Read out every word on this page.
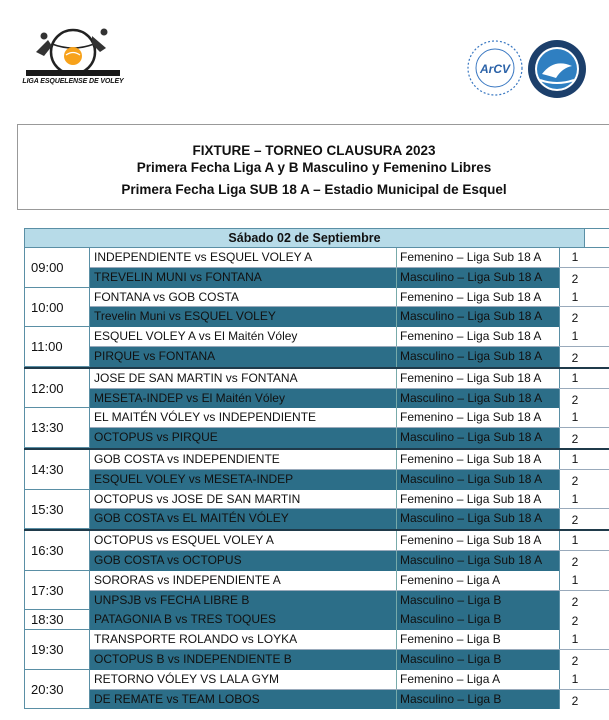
LIGA ESQUELENSE DE VOLEY
ArCV
FIXTURE – TORNEO CLAUSURA 2023
Primera Fecha Liga A y B Masculino y Femenino Libres
Primera Fecha Liga SUB 18 A – Estadio Municipal de Esquel
Sábado 02 de Septiembre
09:00
INDEPENDIENTE vs ESQUEL VOLEY A	Femenino – Liga Sub 18 A	1
TREVELIN MUNI vs FONTANA	Masculino – Liga Sub 18 A	2
10:00
FONTANA vs GOB COSTA	Femenino – Liga Sub 18 A	1
Trevelin Muni vs ESQUEL VOLEY	Masculino – Liga Sub 18 A	2
11:00
ESQUEL VOLEY A vs El Maitén Vóley	Femenino – Liga Sub 18 A	1
PIRQUE vs FONTANA	Masculino – Liga Sub 18 A	2
12:00
JOSE DE SAN MARTIN vs FONTANA	Femenino – Liga Sub 18 A	1
MESETA-INDEP vs El Maitén Vóley	Masculino – Liga Sub 18 A	2
13:30
EL MAITÉN VÓLEY vs INDEPENDIENTE	Femenino – Liga Sub 18 A	1
OCTOPUS vs PIRQUE	Masculino – Liga Sub 18 A	2
14:30
GOB COSTA vs INDEPENDIENTE	Femenino – Liga Sub 18 A	1
ESQUEL VOLEY vs MESETA-INDEP	Masculino – Liga Sub 18 A	2
15:30
OCTOPUS vs JOSE DE SAN MARTIN	Femenino – Liga Sub 18 A	1
GOB COSTA vs EL MAITÉN VÓLEY	Masculino – Liga Sub 18 A	2
16:30
OCTOPUS vs ESQUEL VOLEY A	Femenino – Liga Sub 18 A	1
GOB COSTA vs OCTOPUS	Masculino – Liga Sub 18 A	2
17:30
SORORAS vs INDEPENDIENTE A	Femenino – Liga A	1
UNPSJB vs FECHA LIBRE B	Masculino – Liga B	2
18:30	PATAGONIA B vs TRES TOQUES	Masculino – Liga B	2
19:30
TRANSPORTE ROLANDO vs LOYKA	Femenino – Liga B	1
OCTOPUS B vs INDEPENDIENTE B	Masculino – Liga B	2
20:30
RETORNO VÓLEY VS LALA GYM	Femenino – Liga A	1
DE REMATE vs TEAM LOBOS	Masculino – Liga B	2
